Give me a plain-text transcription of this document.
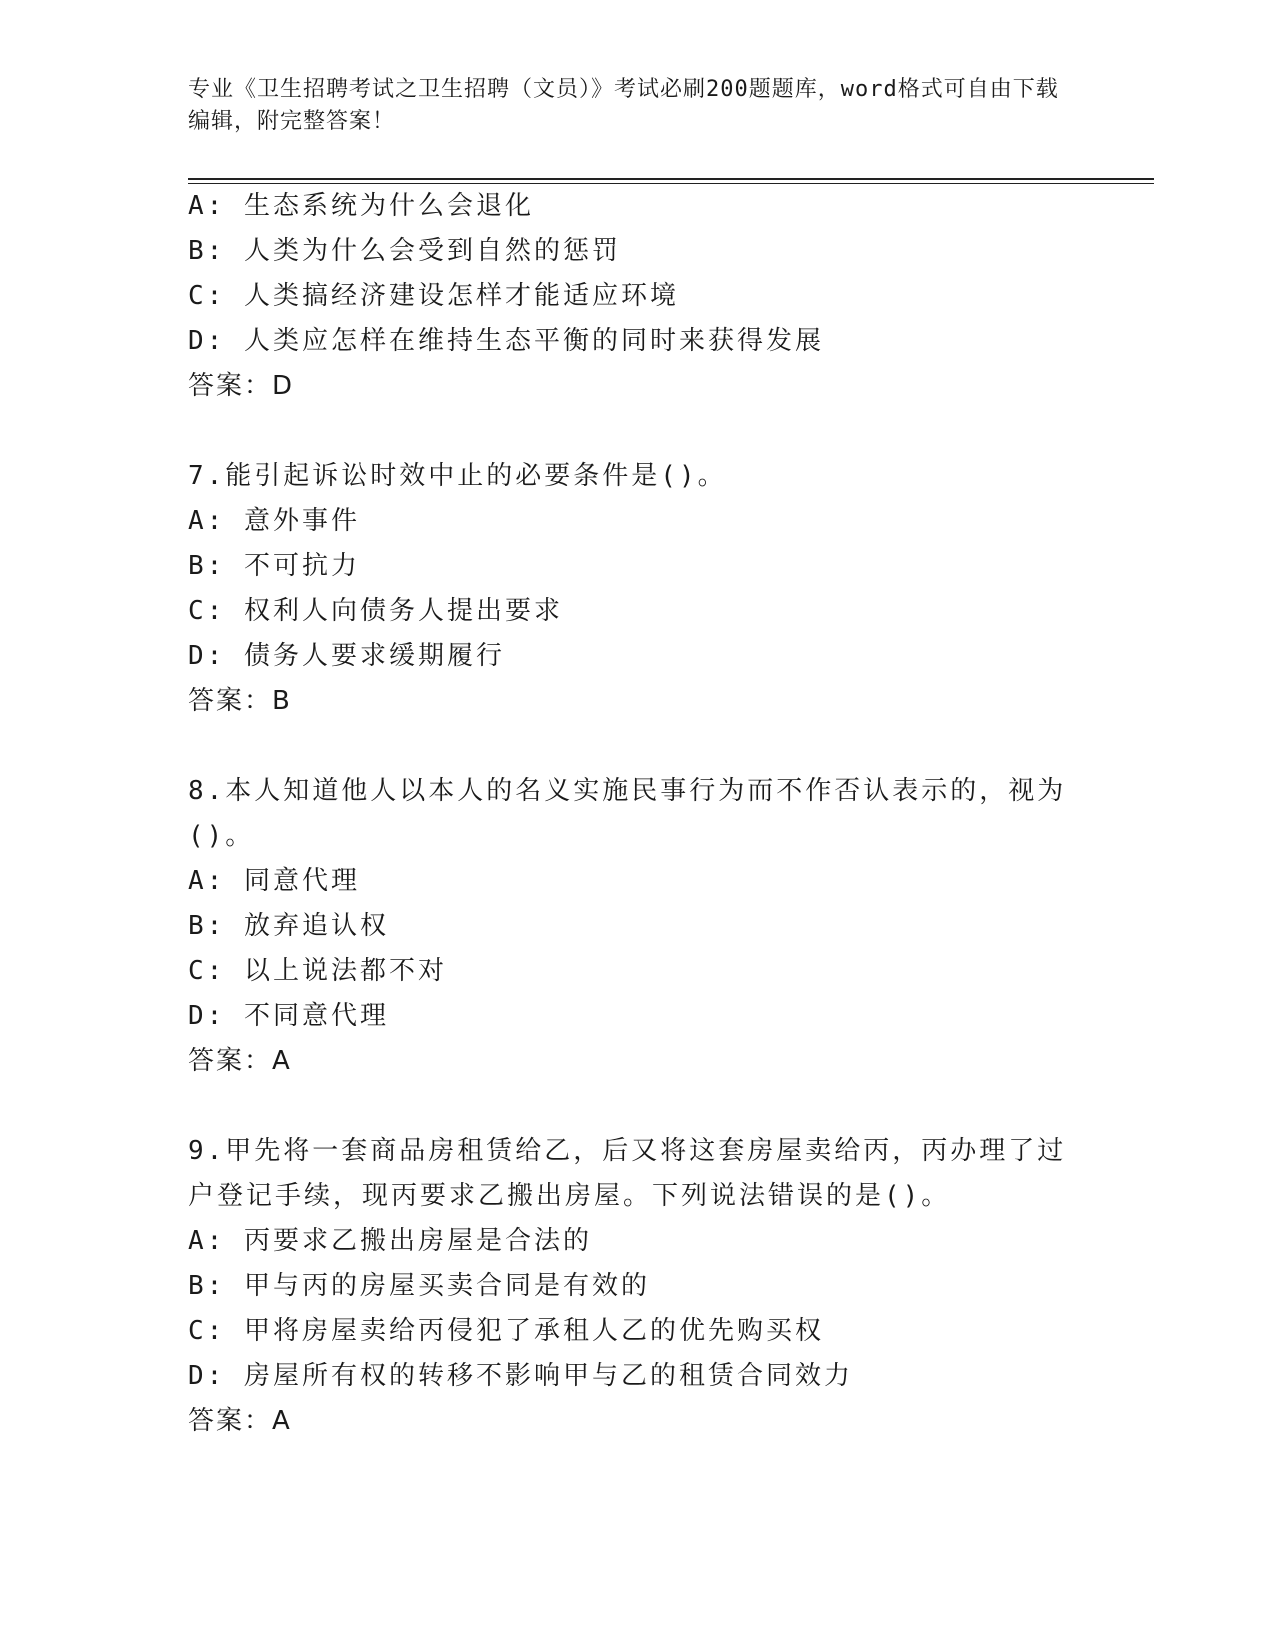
专业《卫生招聘考试之卫生招聘（文员）》考试必刷200题题库，word格式可自由下载编辑，附完整答案！
A: 生态系统为什么会退化
B: 人类为什么会受到自然的惩罚
C: 人类搞经济建设怎样才能适应环境
D: 人类应怎样在维持生态平衡的同时来获得发展
答案：D
7.能引起诉讼时效中止的必要条件是()。
A: 意外事件
B: 不可抗力
C: 权利人向债务人提出要求
D: 债务人要求缓期履行
答案：B
8.本人知道他人以本人的名义实施民事行为而不作否认表示的，视为
()。
A: 同意代理
B: 放弃追认权
C: 以上说法都不对
D: 不同意代理
答案：A
9.甲先将一套商品房租赁给乙，后又将这套房屋卖给丙，丙办理了过
户登记手续，现丙要求乙搬出房屋。下列说法错误的是()。
A: 丙要求乙搬出房屋是合法的
B: 甲与丙的房屋买卖合同是有效的
C: 甲将房屋卖给丙侵犯了承租人乙的优先购买权
D: 房屋所有权的转移不影响甲与乙的租赁合同效力
答案：A
